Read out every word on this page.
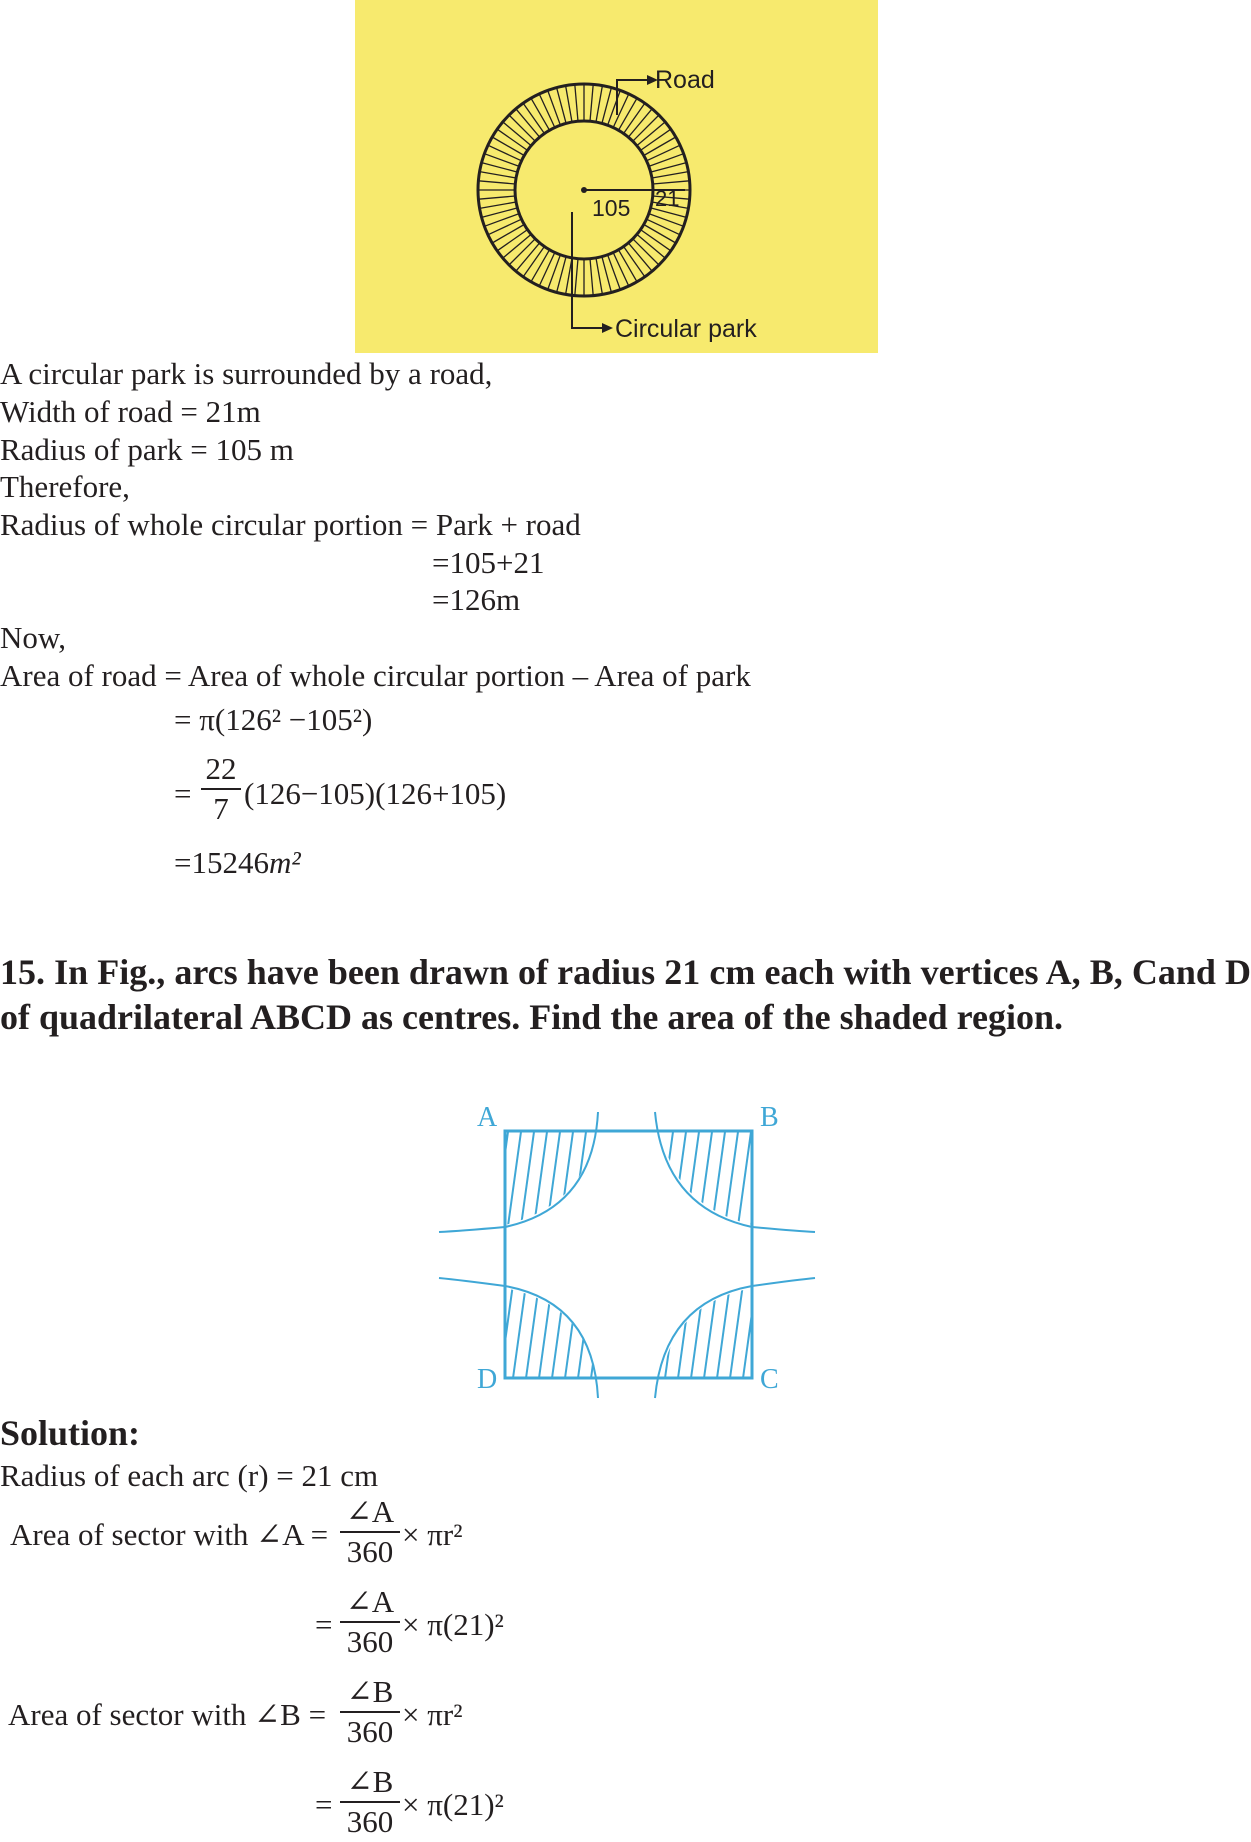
Road
Circular park
105 21
A circular park is surrounded by a road,
Width of road = 21m
Radius of park = 105 m
Therefore,
Radius of whole circular portion = Park + road
=105+21
=126m
Now,
Area of road = Area of whole circular portion – Area of park
= π(126² −105²)
=
22
7 (126−105)(126+105)
=15246m²
15. In Fig., arcs have been drawn of radius 21 cm each with vertices A, B, Cand D of quadrilateral ABCD as centres. Find the area of the shaded region.
A	B
C
D
Solution:
Radius of each arc (r) = 21 cm
Area of sector with ∠A =
∠A
360 × πr²
=
∠A
360 × π(21)²
Area of sector with ∠B =
∠B
360 × πr²
=
∠B
360 × π(21)²
